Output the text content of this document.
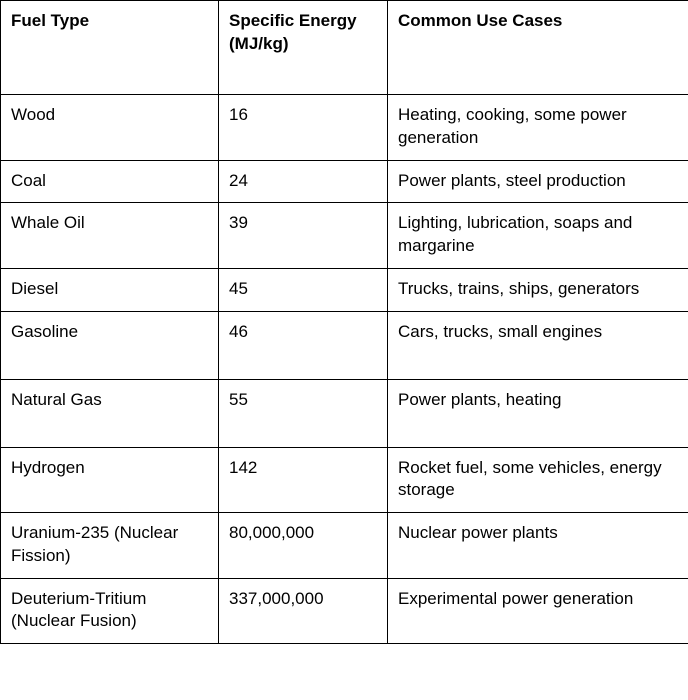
Fuel Type	Specific Energy (MJ/kg)	Common Use Cases
Wood	16	Heating, cooking, some power generation
Coal	24	Power plants, steel production
Whale Oil	39	Lighting, lubrication, soaps and margarine
Diesel	45	Trucks, trains, ships, generators
Gasoline	46	Cars, trucks, small engines
Natural Gas	55	Power plants, heating
Hydrogen	142	Rocket fuel, some vehicles, energy storage
Uranium-235 (Nuclear Fission)	80,000,000	Nuclear power plants
Deuterium-Tritium (Nuclear Fusion)	337,000,000	Experimental power generation
